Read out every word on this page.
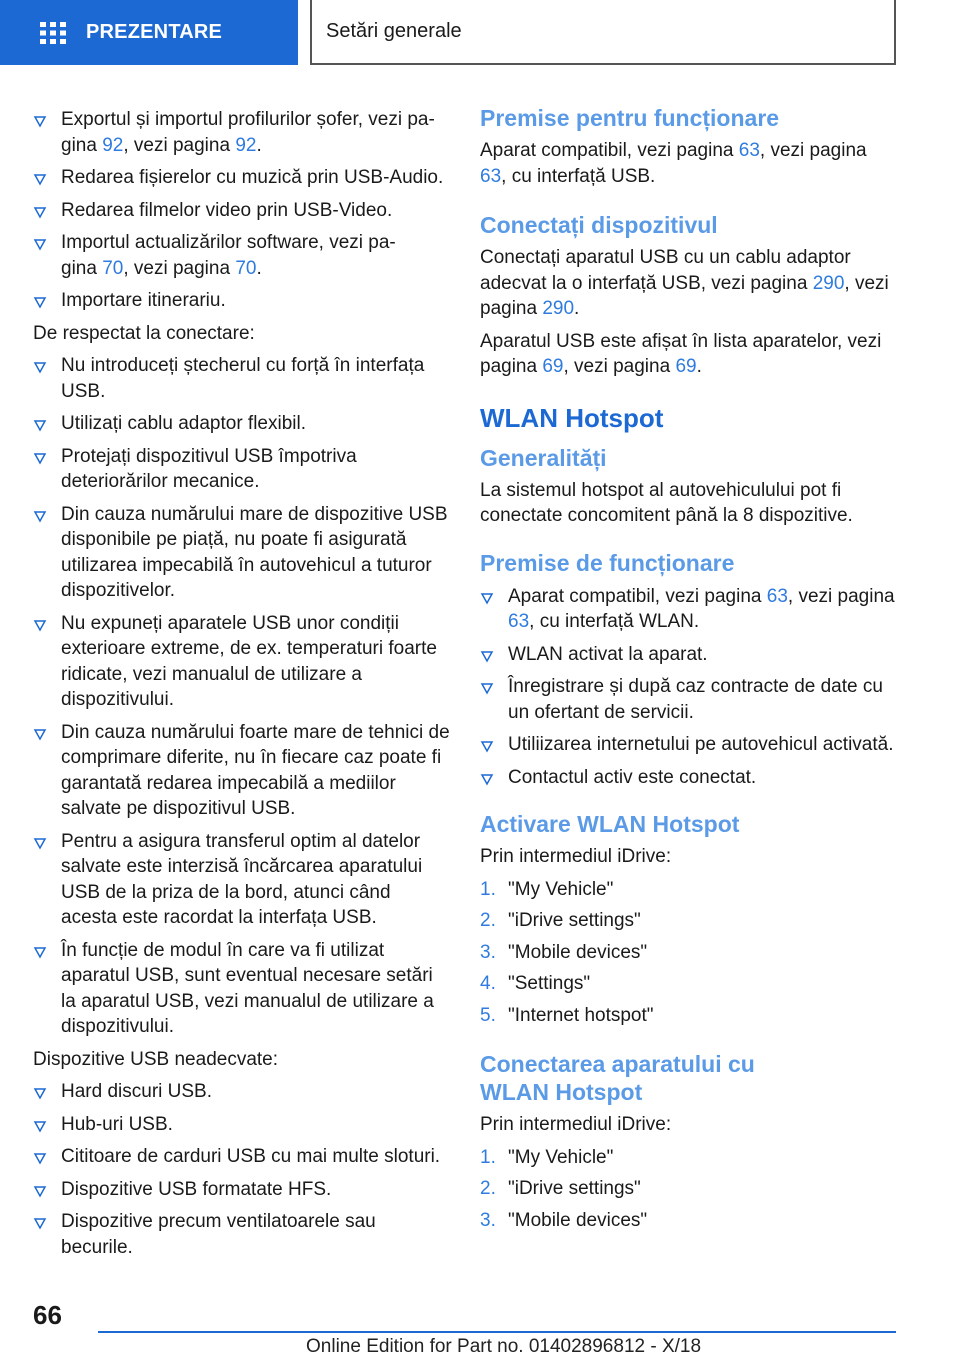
PREZENTARE	Setări generale
Exportul și importul profilurilor șofer, vezi pa-
gina 92, vezi pagina 92.
Redarea fișierelor cu muzică prin USB-Audio.
Redarea filmelor video prin USB-Video.
Importul actualizărilor software, vezi pa-
gina 70, vezi pagina 70.
Importare itinerariu.

De respectat la conectare:

Nu introduceți ștecherul cu forță în interfața USB.
Utilizați cablu adaptor flexibil.
Protejați dispozitivul USB împotriva deteriorărilor mecanice.
Din cauza numărului mare de dispozitive USB disponibile pe piață, nu poate fi asigurată utilizarea impecabilă în autovehicul a tuturor dispozitivelor.
Nu expuneți aparatele USB unor condiții exterioare extreme, de ex. temperaturi foarte ridicate, vezi manualul de utilizare a dispozitivului.
Din cauza numărului foarte mare de tehnici de comprimare diferite, nu în fiecare caz poate fi garantată redarea impecabilă a mediilor salvate pe dispozitivul USB.
Pentru a asigura transferul optim al datelor salvate este interzisă încărcarea aparatului USB de la priza de la bord, atunci când acesta este racordat la interfața USB.
În funcție de modul în care va fi utilizat aparatul USB, sunt eventual necesare setări la aparatul USB, vezi manualul de utilizare a dispozitivului.

Dispozitive USB neadecvate:

Hard discuri USB.
Hub-uri USB.
Cititoare de carduri USB cu mai multe sloturi.
Dispozitive USB formatate HFS.
Dispozitive precum ventilatoarele sau becurile.
Premise pentru funcționare

Aparat compatibil, vezi pagina 63, vezi pagina 63, cu interfață USB.

Conectați dispozitivul

Conectați aparatul USB cu un cablu adaptor adecvat la o interfață USB, vezi pagina 290, vezi pagina 290.

Aparatul USB este afișat în lista aparatelor, vezi pagina 69, vezi pagina 69.

WLAN Hotspot
Generalități

La sistemul hotspot al autovehiculului pot fi conectate concomitent până la 8 dispozitive.

Premise de funcționare
Aparat compatibil, vezi pagina 63, vezi pagina 63, cu interfață WLAN.
WLAN activat la aparat.
Înregistrare și după caz contracte de date cu un ofertant de servicii.
Utiliizarea internetului pe autovehicul activată.
Contactul activ este conectat.
Activare WLAN Hotspot

Prin intermediul iDrive:

1. "My Vehicle"
2. "iDrive settings"
3. "Mobile devices"
4. "Settings"
5. "Internet hotspot"
Conectarea aparatului cu
WLAN Hotspot

Prin intermediul iDrive:

1. "My Vehicle"
2. "iDrive settings"
3. "Mobile devices"
66
Online Edition for Part no. 01402896812 - X/18
